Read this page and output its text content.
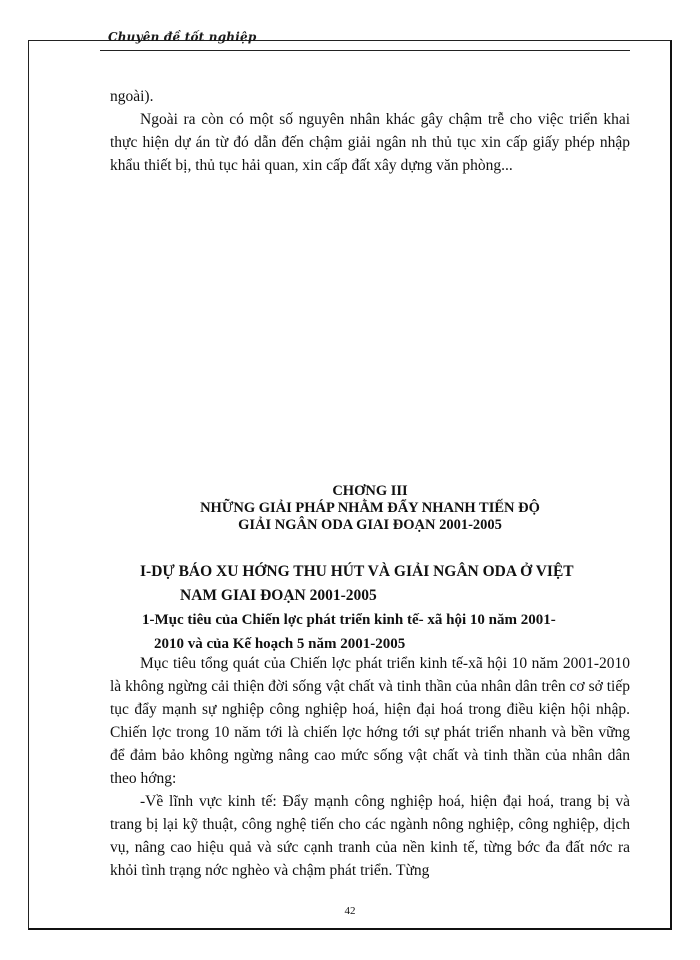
Chuyên đề tốt nghiệp

ngoài).

Ngoài ra còn có một số nguyên nhân khác gây chậm trễ cho việc triển khai thực hiện dự án từ đó dẫn đến chậm giải ngân nh thủ tục xin cấp giấy phép nhập khẩu thiết bị, thủ tục hải quan, xin cấp đất xây dựng văn phòng...

CHƠNG III
NHỮNG GIẢI PHÁP NHẰM ĐẨY NHANH TIẾN ĐỘ
GIẢI NGÂN ODA GIAI ĐOẠN 2001-2005
I-DỰ BÁO XU HỚNG THU HÚT VÀ GIẢI NGÂN ODA Ở VIỆT
NAM GIAI ĐOẠN 2001-2005
1-Mục tiêu của Chiến lợc phát triển kinh tế- xã hội 10 năm 2001-
2010 và của Kế hoạch 5 năm 2001-2005

Mục tiêu tổng quát của Chiến lợc phát triển kinh tế-xã hội 10 năm 2001-2010 là không ngừng cải thiện đời sống vật chất và tinh thần của nhân dân trên cơ sở tiếp tục đẩy mạnh sự nghiệp công nghiệp hoá, hiện đại hoá trong điều kiện hội nhập. Chiến lợc trong 10 năm tới là chiến lợc hớng tới sự phát triển nhanh và bền vững để đảm bảo không ngừng nâng cao mức sống vật chất và tinh thần của nhân dân theo hớng:

-Về lĩnh vực kinh tế: Đẩy mạnh công nghiệp hoá, hiện đại hoá, trang bị và trang bị lại kỹ thuật, công nghệ tiến cho các ngành nông nghiệp, công nghiệp, dịch vụ, nâng cao hiệu quả và sức cạnh tranh của nền kinh tế, từng bớc đa đất nớc ra khỏi tình trạng nớc nghèo và chậm phát triển. Từng

42
